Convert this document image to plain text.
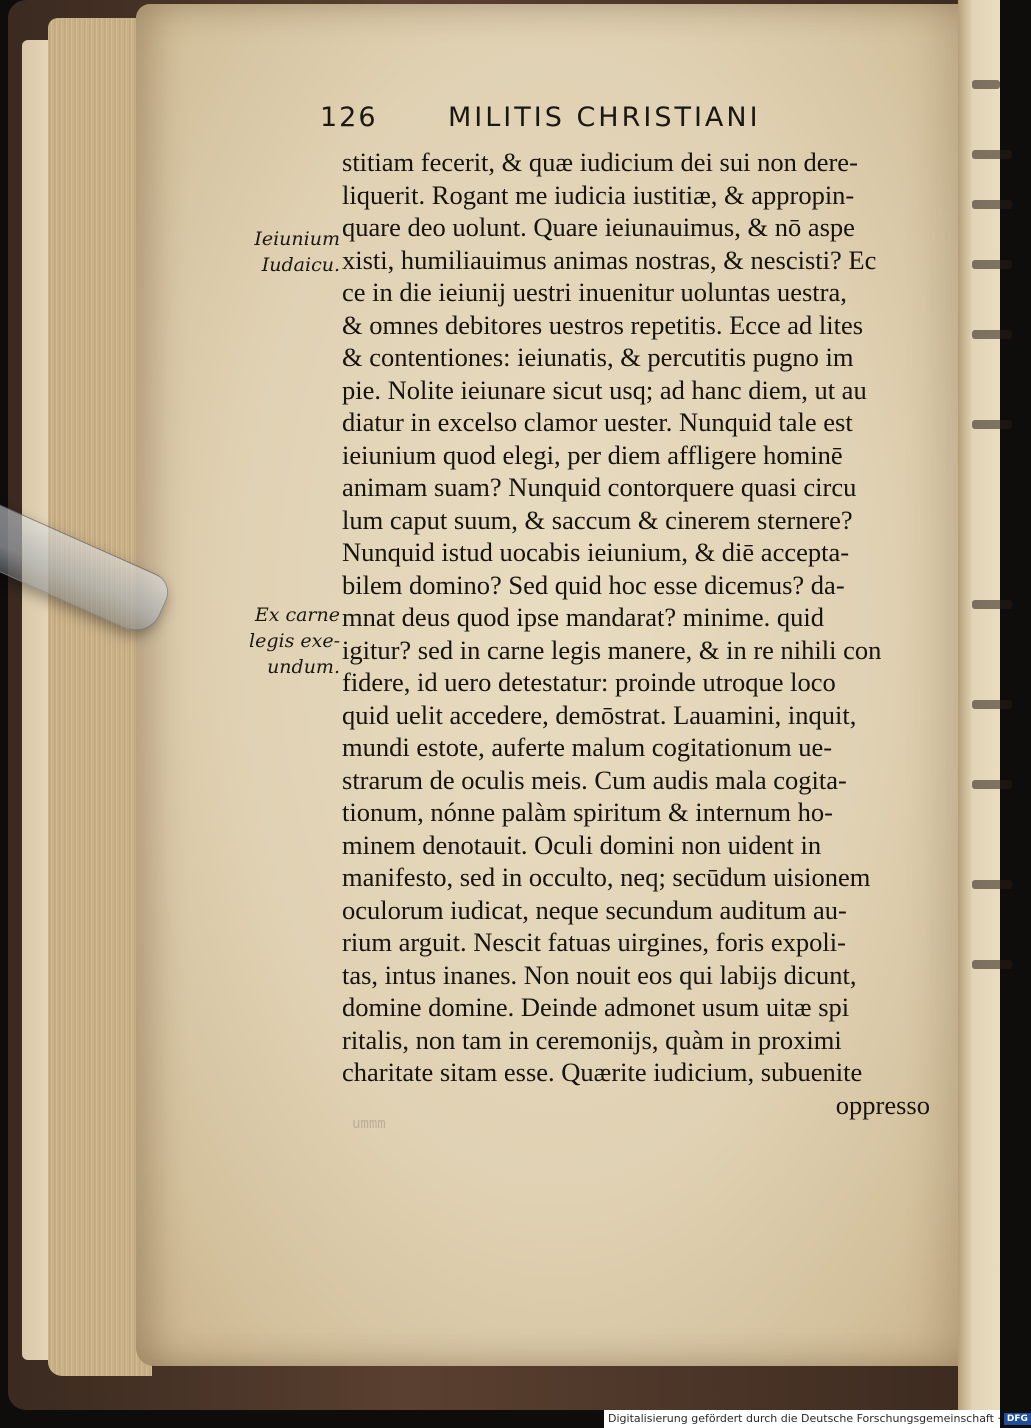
126	MILITIS CHRISTIANI
Ieiunium
Iudaicu.
Ex carne
legis exe-
undum.
stitiam fecerit, & quæ iudicium dei sui non dere-
liquerit. Rogant me iudicia iustitiæ, & appropin-
quare deo uolunt. Quare ieiunauimus, & nō aspe
xisti, humiliauimus animas nostras, & nescisti? Ec
ce in die ieiunij uestri inuenitur uoluntas uestra,
& omnes debitores uestros repetitis. Ecce ad lites
& contentiones: ieiunatis, & percutitis pugno im
pie. Nolite ieiunare sicut usq; ad hanc diem, ut au
diatur in excelso clamor uester. Nunquid tale est
ieiunium quod elegi, per diem affligere hominē
animam suam? Nunquid contorquere quasi circu
lum caput suum, & saccum & cinerem sternere?
Nunquid istud uocabis ieiunium, & diē accepta-
bilem domino? Sed quid hoc esse dicemus? da-
mnat deus quod ipse mandarat? minime. quid
igitur? sed in carne legis manere, & in re nihili con
fidere, id uero detestatur: proinde utroque loco
quid uelit accedere, demōstrat. Lauamini, inquit,
mundi estote, auferte malum cogitationum ue-
strarum de oculis meis. Cum audis mala cogita-
tionum, nónne palàm spiritum & internum ho-
minem denotauit. Oculi domini non uident in
manifesto, sed in occulto, neq; secūdum uisionem
oculorum iudicat, neque secundum auditum au-
rium arguit. Nescit fatuas uirgines, foris expoli-
tas, intus inanes. Non nouit eos qui labijs dicunt,
domine domine. Deinde admonet usum uitæ spi
ritalis, non tam in ceremonijs, quàm in proximi
charitate sitam esse. Quærite iudicium, subuenite
oppresso
ummm
Digitalisierung gefördert durch die Deutsche Forschungsgemeinschaft · DFG
